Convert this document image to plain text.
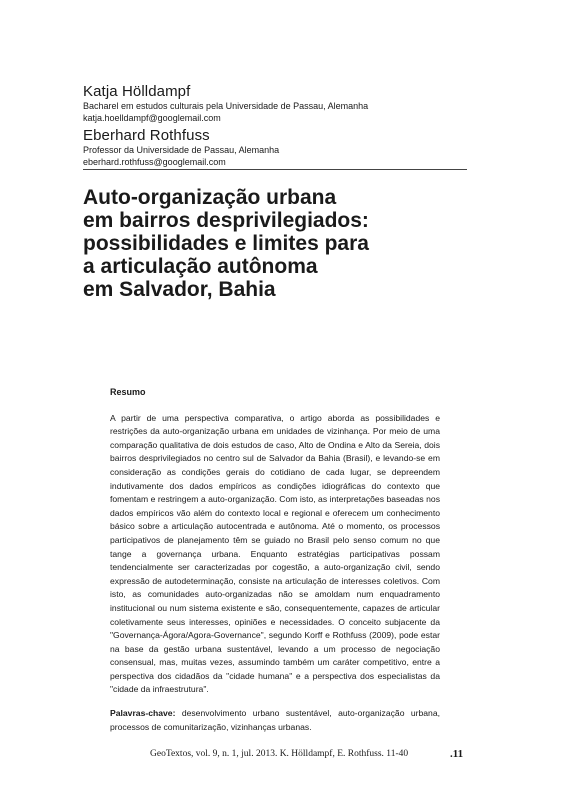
Katja Hölldampf
Bacharel em estudos culturais pela Universidade de Passau, Alemanha
katja.hoelldampf@googlemail.com
Eberhard Rothfuss
Professor da Universidade de Passau, Alemanha
eberhard.rothfuss@googlemail.com
Auto-organização urbana
em bairros desprivilegiados:
possibilidades e limites para
a articulação autônoma
em Salvador, Bahia
Resumo

A partir de uma perspectiva comparativa, o artigo aborda as possibilidades e restrições da auto-organização urbana em unidades de vizinhança. Por meio de uma comparação qualitativa de dois estudos de caso, Alto de Ondina e Alto da Sereia, dois bairros desprivilegiados no centro sul de Salvador da Bahia (Brasil), e levando-se em consideração as condições gerais do cotidiano de cada lugar, se depreendem indutivamente dos dados empíricos as condições idiográficas do contexto que fomentam e restringem a auto-organização. Com isto, as interpretações baseadas nos dados empíricos vão além do contexto local e regional e oferecem um conhecimento básico sobre a articulação autocentrada e autônoma. Até o momento, os processos participativos de planejamento têm se guiado no Brasil pelo senso comum no que tange a governança urbana. Enquanto estratégias participativas possam tendencialmente ser caracterizadas por cogestão, a auto-organização civil, sendo expressão de autodeterminação, consiste na articulação de interesses coletivos. Com isto, as comunidades auto-organizadas não se amoldam num enquadramento institucional ou num sistema existente e são, consequentemente, capazes de articular coletivamente seus interesses, opiniões e necessidades. O conceito subjacente da "Governança-Ágora/Agora-Governance", segundo Korff e Rothfuss (2009), pode estar na base da gestão urbana sustentável, levando a um processo de negociação consensual, mas, muitas vezes, assumindo também um caráter competitivo, entre a perspectiva dos cidadãos da "cidade humana" e a perspectiva dos especialistas da "cidade da infraestrutura".

Palavras-chave: desenvolvimento urbano sustentável, auto-organização urbana, processos de comunitarização, vizinhanças urbanas.

GeoTextos, vol. 9, n. 1, jul. 2013. K. Hölldampf, E. Rothfuss. 11-40	.11
